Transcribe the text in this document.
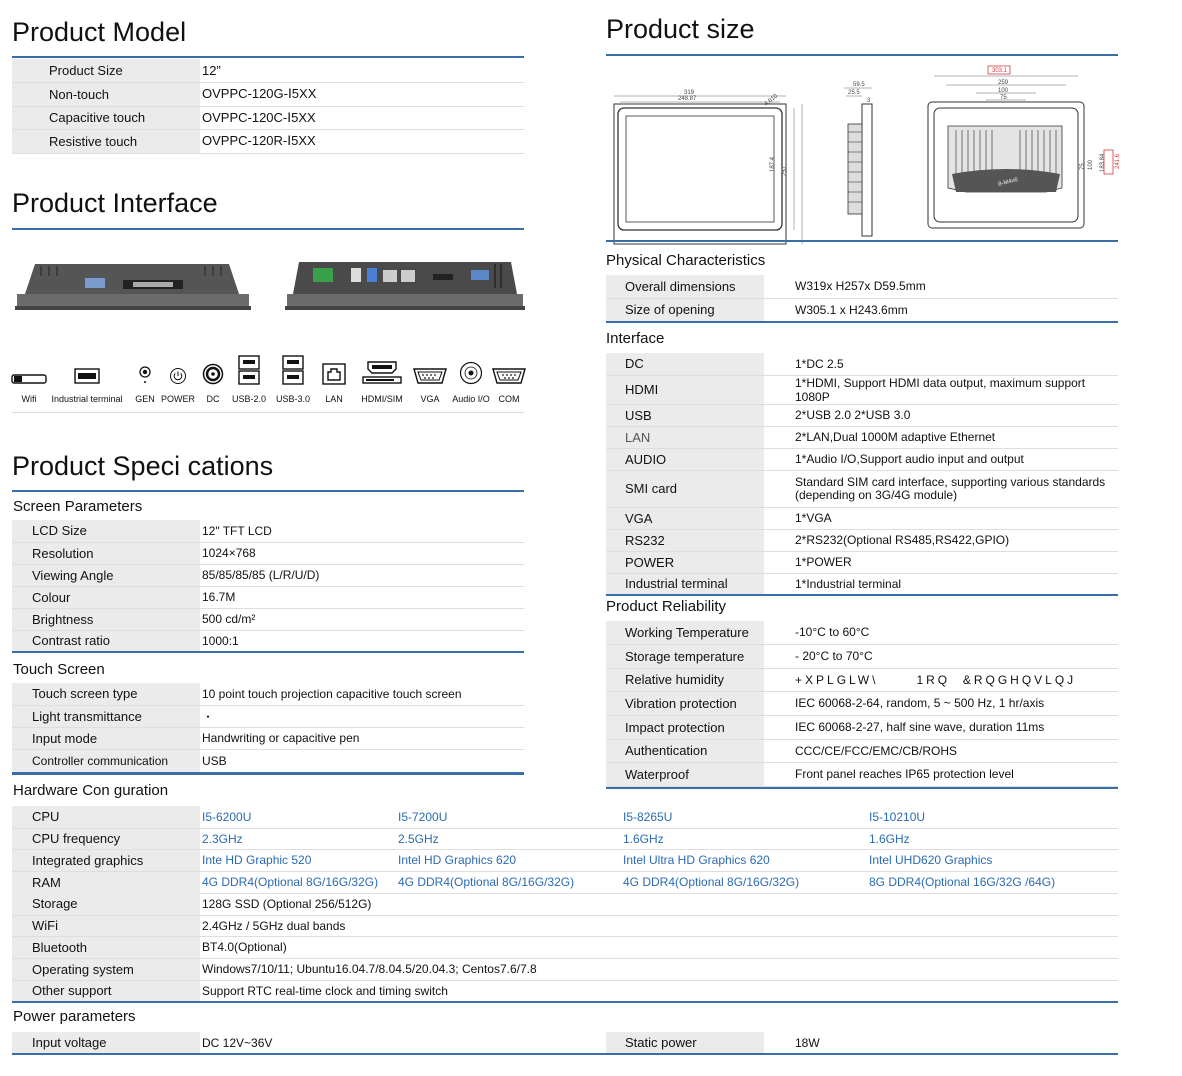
Product Model
Product Size	12”
Non-touch	OVPPC-120G-Ⅰ5XX
Capacitive touch	OVPPC-120C-Ⅰ5XX
Resistive touch	OVPPC-120R-Ⅰ5XX
Product Interface
Wifi Industrial terminal GEN POWER DC USB-2.0 USB-3.0 LAN HDMI/SIM VGA Audio I/O COM
Product Speci cations
Screen Parameters
LCD Size	12" TFT LCD
Resolution	1024×768
Viewing Angle	85/85/85/85 (L/R/U/D)
Colour	16.7M
Brightness	500 cd/m²
Contrast ratio	1000:1
Touch Screen
Touch screen type	10 point touch projection capacitive touch screen
Light transmittance	・
Input mode	Handwriting or capacitive pen
Controller communication	USB
Product size
319
248.87	4.810
187.4 257
59.5
25.5
3
303.1
259
100
75
75 100 183.84 241.6
8-M4x6
Physical Characteristics
Overall dimensions	W319x H257x D59.5mm
Size of opening	W305.1 x H243.6mm
Interface
DC	1*DC 2.5
HDMI	1*HDMI, Support HDMI data output, maximum support 1080P
USB	2*USB 2.0 2*USB 3.0
LAN	2*LAN,Dual 1000M adaptive Ethernet
AUDIO	1*Audio I/O,Support audio input and output
SMI card	Standard SIM card interface, supporting various standards (depending on 3G/4G module)
VGA	1*VGA
RS232	2*RS232(Optional RS485,RS422,GPIO)
POWER	1*POWER
Industrial terminal	1*Industrial terminal
Product Reliability
Working Temperature	-10°C to 60°C
Storage temperature	- 20°C to 70°C
Relative humidity	+XPLGLW\      1RQ  &RQGHQVLQJ
Vibration protection	IEC 60068-2-64, random, 5 ~ 500 Hz, 1 hr/axis
Impact protection	IEC 60068-2-27, half sine wave, duration 11ms
Authentication	CCC/CE/FCC/EMC/CB/ROHS
Waterproof	Front panel reaches IP65 protection level
Hardware Con guration
CPU	I5-6200U	I5-7200U	I5-8265U	I5-10210U
CPU frequency	2.3GHz	2.5GHz	1.6GHz	1.6GHz
Integrated graphics	Inte HD Graphic 520	Intel HD Graphics 620	Intel Ultra HD Graphics 620	Intel UHD620 Graphics
RAM	4G DDR4(Optional 8G/16G/32G)	4G DDR4(Optional 8G/16G/32G)	4G DDR4(Optional 8G/16G/32G)	8G DDR4(Optional 16G/32G /64G)
Storage	128G SSD (Optional 256/512G)
WiFi	2.4GHz / 5GHz dual bands
Bluetooth	BT4.0(Optional)
Operating system	Windows7/10/11; Ubuntu16.04.7/8.04.5/20.04.3; Centos7.6/7.8
Other support	Support RTC real-time clock and timing switch
Power parameters
Input voltage	DC 12V~36V	Static power	18W
